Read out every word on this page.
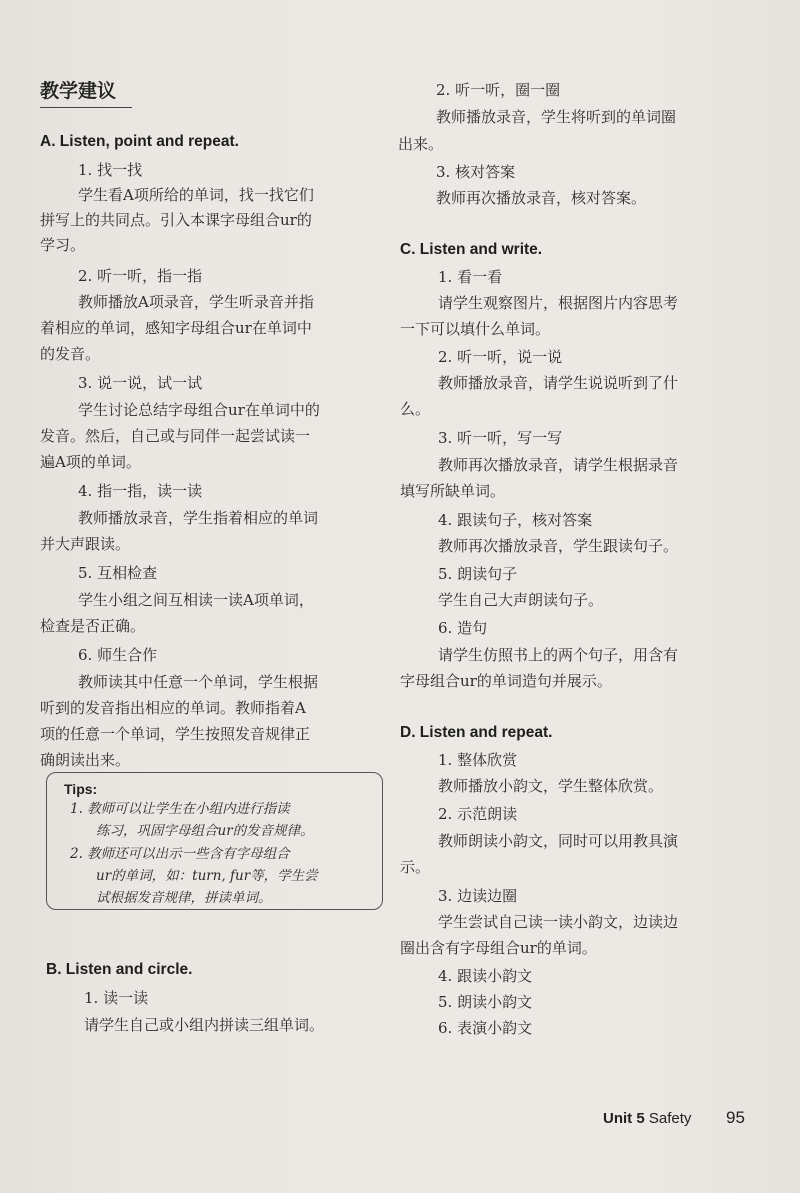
教学建议
A. Listen, point and repeat.
1. 找一找
学生看A项所给的单词，找一找它们
拼写上的共同点。引入本课字母组合ur的
学习。
2. 听一听，指一指
教师播放A项录音，学生听录音并指
着相应的单词，感知字母组合ur在单词中
的发音。
3. 说一说，试一试
学生讨论总结字母组合ur在单词中的
发音。然后，自己或与同伴一起尝试读一
遍A项的单词。
4. 指一指，读一读
教师播放录音，学生指着相应的单词
并大声跟读。
5. 互相检查
学生小组之间互相读一读A项单词，
检查是否正确。
6. 师生合作
教师读其中任意一个单词，学生根据
听到的发音指出相应的单词。教师指着A
项的任意一个单词，学生按照发音规律正
确朗读出来。
Tips:
1. 教师可以让学生在小组内进行指读
练习，巩固字母组合ur的发音规律。
2. 教师还可以出示一些含有字母组合
ur的单词，如：turn, fur等，学生尝
试根据发音规律，拼读单词。
B. Listen and circle.
1. 读一读
请学生自己或小组内拼读三组单词。
2. 听一听，圈一圈
教师播放录音，学生将听到的单词圈
出来。
3. 核对答案
教师再次播放录音，核对答案。
C. Listen and write.
1. 看一看
请学生观察图片，根据图片内容思考
一下可以填什么单词。
2. 听一听，说一说
教师播放录音，请学生说说听到了什
么。
3. 听一听，写一写
教师再次播放录音，请学生根据录音
填写所缺单词。
4. 跟读句子，核对答案
教师再次播放录音，学生跟读句子。
5. 朗读句子
学生自己大声朗读句子。
6. 造句
请学生仿照书上的两个句子，用含有
字母组合ur的单词造句并展示。
D. Listen and repeat.
1. 整体欣赏
教师播放小韵文，学生整体欣赏。
2. 示范朗读
教师朗读小韵文，同时可以用教具演
示。
3. 边读边圈
学生尝试自己读一读小韵文，边读边
圈出含有字母组合ur的单词。
4. 跟读小韵文
5. 朗读小韵文
6. 表演小韵文
Unit 5 Safety 95
